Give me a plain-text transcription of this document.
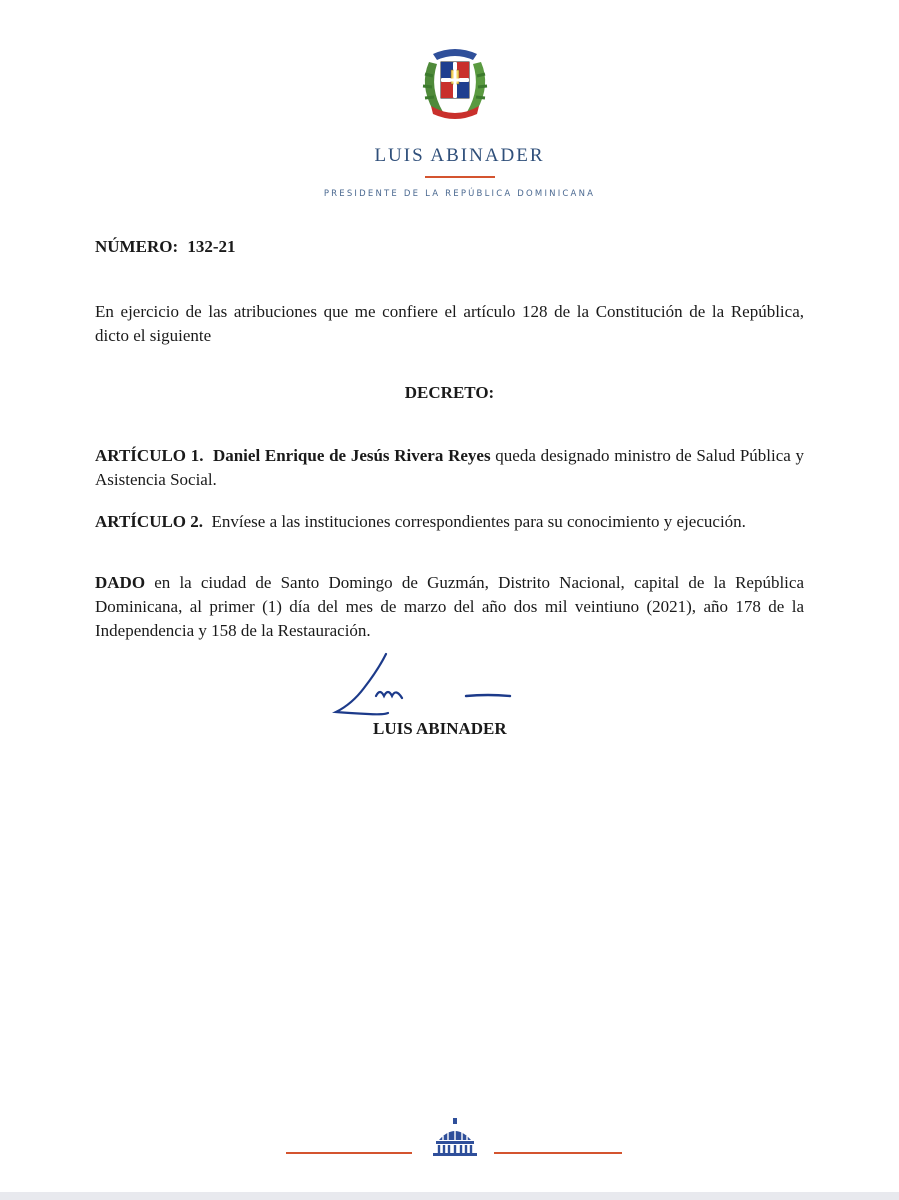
LUIS ABINADER
PRESIDENTE DE LA REPÚBLICA DOMINICANA
NÚMERO: 132-21
En ejercicio de las atribuciones que me confiere el artículo 128 de la Constitución de la República, dicto el siguiente
DECRETO:
ARTÍCULO 1. Daniel Enrique de Jesús Rivera Reyes queda designado ministro de Salud Pública y Asistencia Social.
ARTÍCULO 2. Envíese a las instituciones correspondientes para su conocimiento y ejecución.
DADO en la ciudad de Santo Domingo de Guzmán, Distrito Nacional, capital de la República Dominicana, al primer (1) día del mes de marzo del año dos mil veintiuno (2021), año 178 de la Independencia y 158 de la Restauración.
LUIS ABINADER
